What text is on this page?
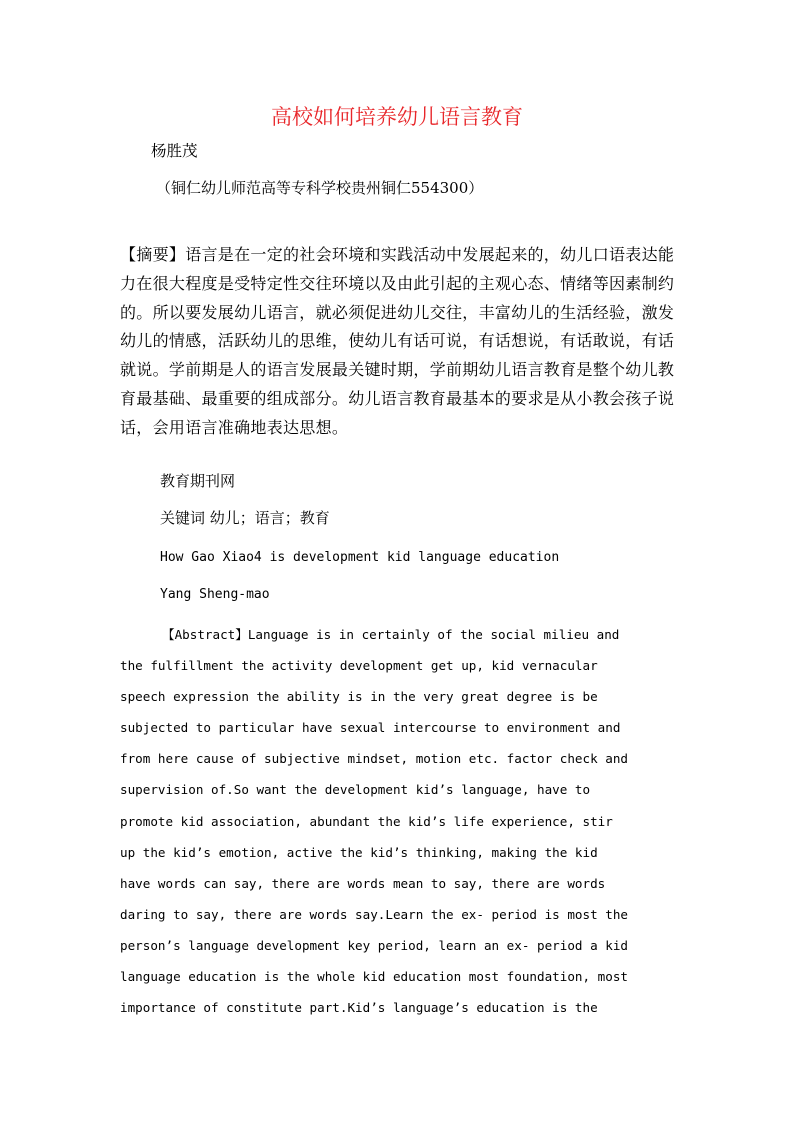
高校如何培养幼儿语言教育
杨胜茂
（铜仁幼儿师范高等专科学校贵州铜仁554300）
【摘要】语言是在一定的社会环境和实践活动中发展起来的，幼儿口语表达能
力在很大程度是受特定性交往环境以及由此引起的主观心态、情绪等因素制约
的。所以要发展幼儿语言，就必须促进幼儿交往，丰富幼儿的生活经验，激发
幼儿的情感，活跃幼儿的思维，使幼儿有话可说，有话想说，有话敢说，有话
就说。学前期是人的语言发展最关键时期，学前期幼儿语言教育是整个幼儿教
育最基础、最重要的组成部分。幼儿语言教育最基本的要求是从小教会孩子说
话，会用语言准确地表达思想。
教育期刊网
关键词 幼儿；语言；教育
How Gao Xiao4 is development kid language education
Yang Sheng-mao
【Abstract】Language is in certainly of the social milieu and
the fulfillment the activity development get up, kid vernacular
speech expression the ability is in the very great degree is be
subjected to particular have sexual intercourse to environment and
from here cause of subjective mindset, motion etc. factor check and
supervision of.So want the development kid’s language, have to
promote kid association, abundant the kid’s life experience, stir
up the kid’s emotion, active the kid’s thinking, making the kid
have words can say, there are words mean to say, there are words
daring to say, there are words say.Learn the ex- period is most the
person’s language development key period, learn an ex- period a kid
language education is the whole kid education most foundation, most
importance of constitute part.Kid’s language’s education is the
